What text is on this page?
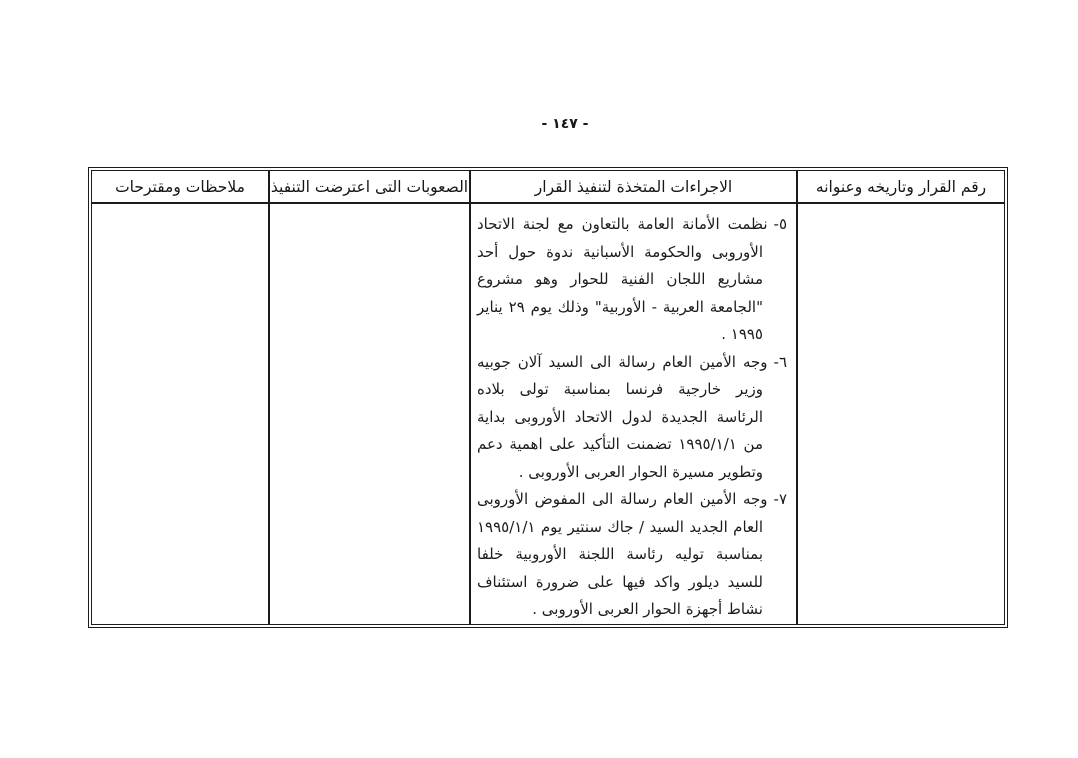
- ١٤٧ -
رقم القرار وتاريخه وعنوانه
الاجراءات المتخذة لتنفيذ القرار
الصعوبات التى اعترضت التنفيذ
ملاحظات ومقترحات
٥-نظمت الأمانة العامة بالتعاون مع لجنة الاتحاد الأوروبى والحكومة الأسبانية ندوة حول أحد مشاريع اللجان الفنية للحوار وهو مشروع "الجامعة العربية - الأوربية" وذلك يوم ٢٩ يناير ١٩٩٥ .
٦-وجه الأمين العام رسالة الى السيد آلان جوبيه وزير خارجية فرنسا بمناسبة تولى بلاده الرئاسة الجديدة لدول الاتحاد الأوروبى بداية من ١٩٩٥/١/١ تضمنت التأكيد على اهمية دعم وتطوير مسيرة الحوار العربى الأوروبى .
٧-وجه الأمين العام رسالة الى المفوض الأوروبى العام الجديد السيد / جاك سنتير يوم ١٩٩٥/١/١ بمناسبة توليه رئاسة اللجنة الأوروبية خلفا للسيد ديلور واكد فيها على ضرورة استئناف نشاط أجهزة الحوار العربى الأوروبى .
